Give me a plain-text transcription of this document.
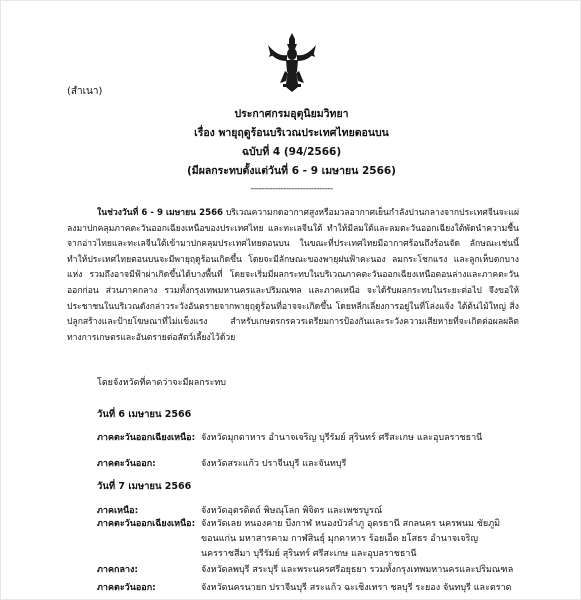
(สำเนา)
ประกาศกรมอุตุนิยมวิทยา
เรื่อง พายุฤดูร้อนบริเวณประเทศไทยตอนบน
ฉบับที่ 4 (94/2566)
(มีผลกระทบตั้งแต่วันที่ 6 - 9 เมษายน 2566)
------------------------------

ในช่วงวันที่ 6 - 9 เมษายน 2566 บริเวณความกดอากาศสูงหรือมวลอากาศเย็นกำลังปานกลางจากประเทศจีนจะแผ่ลงมาปกคลุมภาคตะวันออกเฉียงเหนือของประเทศไทย และทะเลจีนใต้ ทำให้มีลมใต้และลมตะวันออกเฉียงใต้พัดนำความชื้นจากอ่าวไทยและทะเลจีนใต้เข้ามาปกคลุมประเทศไทยตอนบน ในขณะที่ประเทศไทยมีอากาศร้อนถึงร้อนจัด ลักษณะเช่นนี้ทำให้ประเทศไทยตอนบนจะมีพายุฤดูร้อนเกิดขึ้น โดยจะมีลักษณะของพายุฝนฟ้าคะนอง ลมกระโชกแรง และลูกเห็บตกบางแห่ง รวมถึงอาจมีฟ้าผ่าเกิดขึ้นได้บางพื้นที่ โดยจะเริ่มมีผลกระทบในบริเวณภาคตะวันออกเฉียงเหนือตอนล่างและภาคตะวันออกก่อน ส่วนภาคกลาง รวมทั้งกรุงเทพมหานครและปริมณฑล และภาคเหนือ จะได้รับผลกระทบในระยะต่อไป จึงขอให้ประชาชนในบริเวณดังกล่าวระวังอันตรายจากพายุฤดูร้อนที่อาจจะเกิดขึ้น โดยหลีกเลี่ยงการอยู่ในที่โล่งแจ้ง ใต้ต้นไม้ใหญ่ สิ่งปลูกสร้างและป้ายโฆษณาที่ไม่แข็งแรง สำหรับเกษตรกรควรเตรียมการป้องกันและระวังความเสียหายที่จะเกิดต่อผลผลิตทางการเกษตรและอันตรายต่อสัตว์เลี้ยงไว้ด้วย

โดยจังหวัดที่คาดว่าจะมีผลกระทบ
วันที่ 6 เมษายน 2566
ภาคตะวันออกเฉียงเหนือ: จังหวัดมุกดาหาร อำนาจเจริญ บุรีรัมย์ สุรินทร์ ศรีสะเกษ และอุบลราชธานี
ภาคตะวันออก:	จังหวัดสระแก้ว ปราจีนบุรี และจันทบุรี
วันที่ 7 เมษายน 2566
ภาคเหนือ:	จังหวัดอุตรดิตถ์ พิษณุโลก พิจิตร และเพชรบูรณ์
ภาคตะวันออกเฉียงเหนือ: จังหวัดเลย หนองคาย บึงกาฬ หนองบัวลำภู อุดรธานี สกลนคร นครพนม ชัยภูมิ ขอนแก่น มหาสารคาม กาฬสินธุ์ มุกดาหาร ร้อยเอ็ด ยโสธร อำนาจเจริญ นครราชสีมา บุรีรัมย์ สุรินทร์ ศรีสะเกษ และอุบลราชธานี
ภาคกลาง:	จังหวัดลพบุรี สระบุรี และพระนครศรีอยุธยา รวมทั้งกรุงเทพมหานครและปริมณฑล
ภาคตะวันออก:	จังหวัดนครนายก ปราจีนบุรี สระแก้ว ฉะเชิงเทรา ชลบุรี ระยอง จันทบุรี และตราด
